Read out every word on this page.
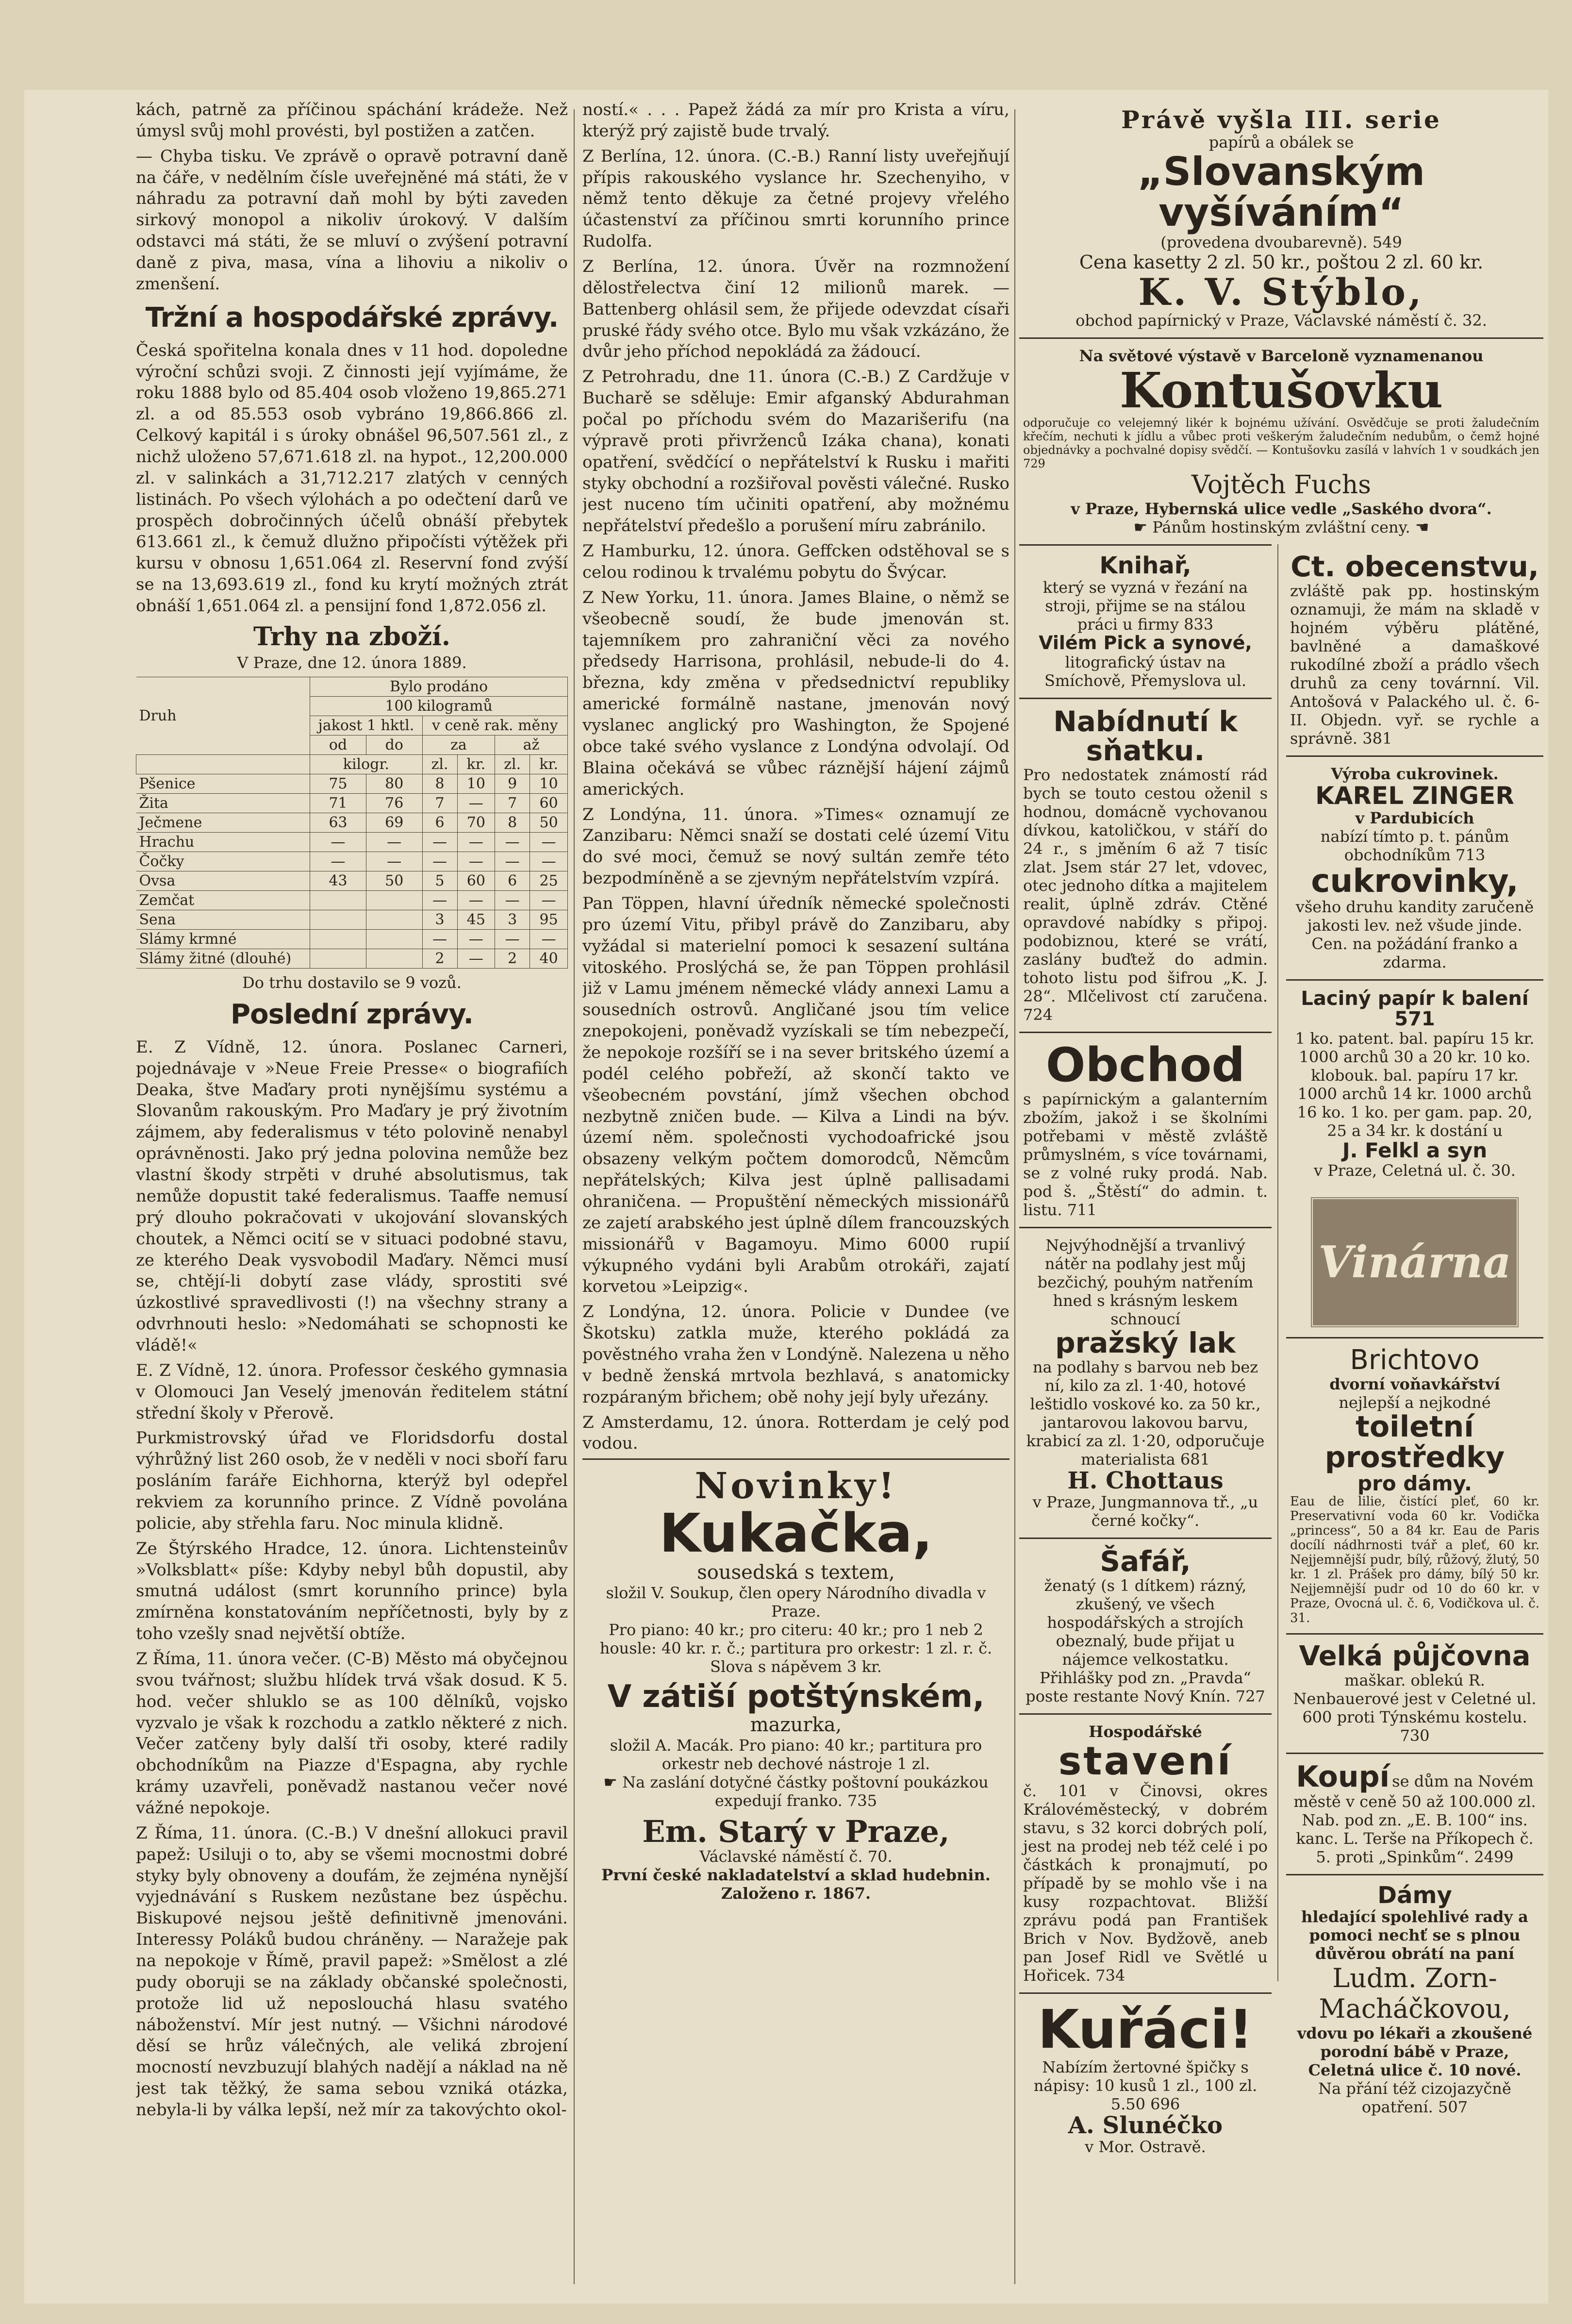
kách, patrně za příčinou spáchání krádeže. Než úmysl svůj mohl provésti, byl postižen a zatčen.

— Chyba tisku. Ve zprávě o opravě potravní daně na čáře, v nedělním čísle uveřejněné má státi, že v náhradu za potravní daň mohl by býti zaveden sirkový monopol a nikoliv úrokový. V dalším odstavci má státi, že se mluví o zvýšení potravní daně z piva, masa, vína a lihoviu a nikoliv o zmenšení.

Tržní a hospodářské zprávy.

Česká spořitelna konala dnes v 11 hod. dopoledne výroční schůzi svoji. Z činnosti její vyjímáme, že roku 1888 bylo od 85.404 osob vloženo 19,865.271 zl. a od 85.553 osob vybráno 19,866.866 zl. Celkový kapitál i s úroky obnášel 96,507.561 zl., z nichž uloženo 57,671.618 zl. na hypot., 12,200.000 zl. v salinkách a 31,712.217 zlatých v cenných listinách. Po všech výlohách a po odečtení darů ve prospěch dobročinných účelů obnáší přebytek 613.661 zl., k čemuž dlužno připočísti výtěžek při kursu v obnosu 1,651.064 zl. Reservní fond zvýší se na 13,693.619 zl., fond ku krytí možných ztrát obnáší 1,651.064 zl. a pensijní fond 1,872.056 zl.

Trhy na zboží.
V Praze, dne 12. února 1889.
Druh	Bylo prodáno					
	100 kilogramů					
	jakost 1 hktl.		v ceně rak. měny			
	od	do	za		až	
	kilogr.		zl.	kr.	zl.	kr.
Pšenice	75	80	8	10	9	10
Žita	71	76	7	—	7	60
Ječmene	63	69	6	70	8	50
Hrachu	—	—	—	—	—	—
Čočky	—	—	—	—	—	—
Ovsa	43	50	5	60	6	25
Zemčat			—	—	—	—
Sena			3	45	3	95
Slámy krmné			—	—	—	—
Slámy žitné (dlouhé)			2	—	2	40
Do trhu dostavilo se 9 vozů.
Poslední zprávy.

E. Z Vídně, 12. února. Poslanec Carneri, pojednávaje v »Neue Freie Presse« o biografiích Deaka, štve Maďary proti nynějšímu systému a Slovanům rakouským. Pro Maďary je prý životním zájmem, aby federalismus v této polovině nenabyl oprávněnosti. Jako prý jedna polovina nemůže bez vlastní škody strpěti v druhé absolutismus, tak nemůže dopustit také federalismus. Taaffe nemusí prý dlouho pokračovati v ukojování slovanských choutek, a Němci ocití se v situaci podobné stavu, ze kterého Deak vysvobodil Maďary. Němci musí se, chtějí-li dobytí zase vlády, sprostiti své úzkostlivé spravedlivosti (!) na všechny strany a odvrhnouti heslo: »Nedomáhati se schopnosti ke vládě!«

E. Z Vídně, 12. února. Professor českého gymnasia v Olomouci Jan Veselý jmenován ředitelem státní střední školy v Přerově.

Purkmistrovský úřad ve Floridsdorfu dostal výhrůžný list 260 osob, že v neděli v noci sboří faru posláním faráře Eichhorna, kterýž byl odepřel rekviem za korunního prince. Z Vídně povolána policie, aby střehla faru. Noc minula klidně.

Ze Štýrského Hradce, 12. února. Lichtensteinův »Volksblatt« píše: Kdyby nebyl bůh dopustil, aby smutná událost (smrt korunního prince) byla zmírněna konstatováním nepříčetnosti, byly by z toho vzešly snad největší obtíže.

Z Říma, 11. února večer. (C-B) Město má obyčejnou svou tvářnost; službu hlídek trvá však dosud. K 5. hod. večer shluklo se as 100 dělníků, vojsko vyzvalo je však k rozchodu a zatklo některé z nich. Večer zatčeny byly další tři osoby, které radily obchodníkům na Piazze d'Espagna, aby rychle krámy uzavřeli, poněvadž nastanou večer nové vážné nepokoje.

Z Říma, 11. února. (C.-B.) V dnešní allokuci pravil papež: Usiluji o to, aby se všemi mocnostmi dobré styky byly obnoveny a doufám, že zejména nynější vyjednávání s Ruskem nezůstane bez úspěchu. Biskupové nejsou ještě definitivně jmenováni. Interessy Poláků budou chráněny. — Naražeje pak na nepokoje v Římě, pravil papež: »Smělost a zlé pudy oboruji se na základy občanské společnosti, protože lid už neposlouchá hlasu svatého náboženství. Mír jest nutný. — Všichni národové děsí se hrůz válečných, ale veliká zbrojení mocností nevzbuzují blahých nadějí a náklad na ně jest tak těžký, že sama sebou vzniká otázka, nebyla-li by válka lepší, než mír za takovýchto okol-

ností.« . . . Papež žádá za mír pro Krista a víru, kterýž prý zajistě bude trvalý.

Z Berlína, 12. února. (C.-B.) Ranní listy uveřejňují přípis rakouského vyslance hr. Szechenyiho, v němž tento děkuje za četné projevy vřelého účastenství za příčinou smrti korunního prince Rudolfa.

Z Berlína, 12. února. Úvěr na rozmnožení dělostřelectva činí 12 milionů marek. — Battenberg ohlásil sem, že přijede odevzdat císaři pruské řády svého otce. Bylo mu však vzkázáno, že dvůr jeho příchod nepokládá za žádoucí.

Z Petrohradu, dne 11. února (C.-B.) Z Cardžuje v Bucharě se sděluje: Emir afganský Abdurahman počal po příchodu svém do Mazarišerifu (na výpravě proti přivrženců Izáka chana), konati opatření, svědčící o nepřátelství k Rusku i mařiti styky obchodní a rozšiřoval pověsti válečné. Rusko jest nuceno tím učiniti opatření, aby možnému nepřátelství předešlo a porušení míru zabránilo.

Z Hamburku, 12. února. Geffcken odstěhoval se s celou rodinou k trvalému pobytu do Švýcar.

Z New Yorku, 11. února. James Blaine, o němž se všeobecně soudí, že bude jmenován st. tajemníkem pro zahraniční věci za nového předsedy Harrisona, prohlásil, nebude-li do 4. března, kdy změna v předsednictví republiky americké formálně nastane, jmenován nový vyslanec anglický pro Washington, že Spojené obce také svého vyslance z Londýna odvolají. Od Blaina očekává se vůbec ráznější hájení zájmů amerických.

Z Londýna, 11. února. »Times« oznamují ze Zanzibaru: Němci snaží se dostati celé území Vitu do své moci, čemuž se nový sultán zemře této bezpodmíněně a se zjevným nepřátelstvím vzpírá.

Pan Töppen, hlavní úředník německé společnosti pro území Vitu, přibyl právě do Zanzibaru, aby vyžádal si materielní pomoci k sesazení sultána vitoského. Proslýchá se, že pan Töppen prohlásil již v Lamu jménem německé vlády annexi Lamu a sousedních ostrovů. Angličané jsou tím velice znepokojeni, poněvadž vyzískali se tím nebezpečí, že nepokoje rozšíří se i na sever britského území a podél celého pobřeží, až skončí takto ve všeobecném povstání, jímž všechen obchod nezbytně zničen bude. — Kilva a Lindi na býv. území něm. společnosti vychodoafrické jsou obsazeny velkým počtem domorodců, Němcům nepřátelských; Kilva jest úplně pallisadami ohraničena. — Propuštění německých missionářů ze zajetí arabského jest úplně dílem francouzských missionářů v Bagamoyu. Mimo 6000 rupií výkupného vydáni byli Arabům otrokáři, zajatí korvetou »Leipzig«.

Z Londýna, 12. února. Policie v Dundee (ve Škotsku) zatkla muže, kterého pokládá za pověstného vraha žen v Londýně. Nalezena u něho v bedně ženská mrtvola bezhlavá, s anatomicky rozpáraným břichem; obě nohy její byly uřezány.

Z Amsterdamu, 12. února. Rotterdam je celý pod vodou.

Novinky!
Kukačka,
sousedská s textem,
složil V. Soukup, člen opery Národního divadla v Praze.
Pro piano: 40 kr.; pro citeru: 40 kr.; pro 1 neb 2 housle: 40 kr. r. č.; partitura pro orkestr: 1 zl. r. č. Slova s nápěvem 3 kr.
V zátiší potštýnském,
mazurka,
složil A. Macák. Pro piano: 40 kr.; partitura pro orkestr neb dechové nástroje 1 zl.
☛ Na zaslání dotyčné částky poštovní poukázkou expedují franko. 735
Em. Starý v Praze,
Václavské náměstí č. 70.
První české nakladatelství a sklad hudebnin. Založeno r. 1867.
Právě vyšla III. serie
papírů a obálek se
„Slovanským vyšíváním“
(provedena dvoubarevně). 549
Cena kasetty 2 zl. 50 kr., poštou 2 zl. 60 kr.
K. V. Stýblo,
obchod papírnický v Praze, Václavské náměstí č. 32.
Na světové výstavě v Barceloně vyznamenanou
Kontušovku
odporučuje co velejemný likér k bojnému užívání. Osvědčuje se proti žaludečním křečím, nechuti k jídlu a vůbec proti veškerým žaludečním nedubům, o čemž hojné objednávky a pochvalné dopisy svědčí. — Kontušovku zasílá v lahvích 1 v soudkách jen 729
Vojtěch Fuchs
v Praze, Hybernská ulice vedle „Saského dvora“.
☛ Pánům hostinským zvláštní ceny. ☚
Knihař,
který se vyzná v řezání na stroji, přijme se na stálou práci u firmy 833
Vilém Pick a synové,
litografický ústav na Smíchově, Přemyslova ul.
Nabídnutí k sňatku.
Pro nedostatek známostí rád bych se touto cestou oženil s hodnou, domácně vychovanou dívkou, katoličkou, v stáří do 24 r., s jměním 6 až 7 tisíc zlat. Jsem stár 27 let, vdovec, otec jednoho dítka a majitelem realit, úplně zdráv. Ctěné opravdové nabídky s připoj. podobiznou, které se vrátí, zaslány buďtež do admin. tohoto listu pod šifrou „K. J. 28“. Mlčelivost ctí zaručena. 724
Obchod
s papírnickým a galanterním zbožím, jakož i se školními potřebami v městě zvláště průmyslném, s více továrnami, se z volné ruky prodá. Nab. pod š. „Štěstí“ do admin. t. listu. 711
Nejvýhodnější a trvanlivý nátěr na podlahy jest můj bezčichý, pouhým natřením hned s krásným leskem schnoucí
pražský lak
na podlahy s barvou neb bez ní, kilo za zl. 1·40, hotové leštidlo voskové ko. za 50 kr., jantarovou lakovou barvu, krabicí za zl. 1·20, odporučuje materialista 681
H. Chottaus
v Praze, Jungmannova tř., „u černé kočky“.
Šafář,
ženatý (s 1 dítkem) rázný, zkušený, ve všech hospodářských a strojích obeznalý, bude přijat u nájemce velkostatku. Přihlášky pod zn. „Pravda“ poste restante Nový Knín. 727
Hospodářské
stavení
č. 101 v Činovsi, okres Královéměstecký, v dobrém stavu, s 32 korci dobrých polí, jest na prodej neb též celé i po částkách k pronajmutí, po případě by se mohlo vše i na kusy rozpachtovat. Bližší zprávu podá pan František Brich v Nov. Bydžově, aneb pan Josef Ridl ve Světlé u Hořicek. 734
Kuřáci!
Nabízím žertovné špičky s nápisy: 10 kusů 1 zl., 100 zl. 5.50 696
A. Slunéčko
v Mor. Ostravě.
Ct. obecenstvu,
zvláště pak pp. hostinským oznamuji, že mám na skladě v hojném výběru plátěné, bavlněné a damaškové rukodílné zboží a prádlo všech druhů za ceny továrnní. Vil. Antošová v Palackého ul. č. 6-II. Objedn. vyř. se rychle a správně. 381
Výroba cukrovinek.
KAREL ZINGER
v Pardubicích
nabízí tímto p. t. pánům obchodníkům 713
cukrovinky,
všeho druhu kandity zaručeně jakosti lev. než všude jinde. Cen. na požádání franko a zdarma.
Laciný papír k balení 571
1 ko. patent. bal. papíru 15 kr. 1000 archů 30 a 20 kr. 10 ko. klobouk. bal. papíru 17 kr. 1000 archů 14 kr. 1000 archů 16 ko. 1 ko. per gam. pap. 20, 25 a 34 kr. k dostání u
J. Felkl a syn
v Praze, Celetná ul. č. 30.
Vinárna
Brichtovo
dvorní voňavkářství
nejlepší a nejkodné
toiletní prostředky
pro dámy.
Eau de lilie, čistící pleť, 60 kr. Preservativní voda 60 kr. Vodička „princess“, 50 a 84 kr. Eau de Paris docílí nádhrnosti tvář a pleť, 60 kr. Nejjemnější pudr, bílý, růžový, žlutý, 50 kr. 1 zl. Prášek pro dámy, bílý 50 kr. Nejjemnější pudr od 10 do 60 kr. v Praze, Ovocná ul. č. 6, Vodičkova ul. č. 31.
Velká půjčovna
maškar. oblekú R. Nenbauerové jest v Celetné ul. 600 proti Týnskému kostelu. 730
Koupí se dům na Novém městě v ceně 50 až 100.000 zl. Nab. pod zn. „E. B. 100“ ins. kanc. L. Terše na Příkopech č. 5. proti „Spinkům“. 2499
Dámy
hledající spolehlivé rady a pomoci nechť se s plnou důvěrou obrátí na paní
Ludm. Zorn-Macháčkovou,
vdovu po lékaři a zkoušené porodní bábě v Praze, Celetná ulice č. 10 nové.
Na přání též cizojazyčně
opatření. 507
